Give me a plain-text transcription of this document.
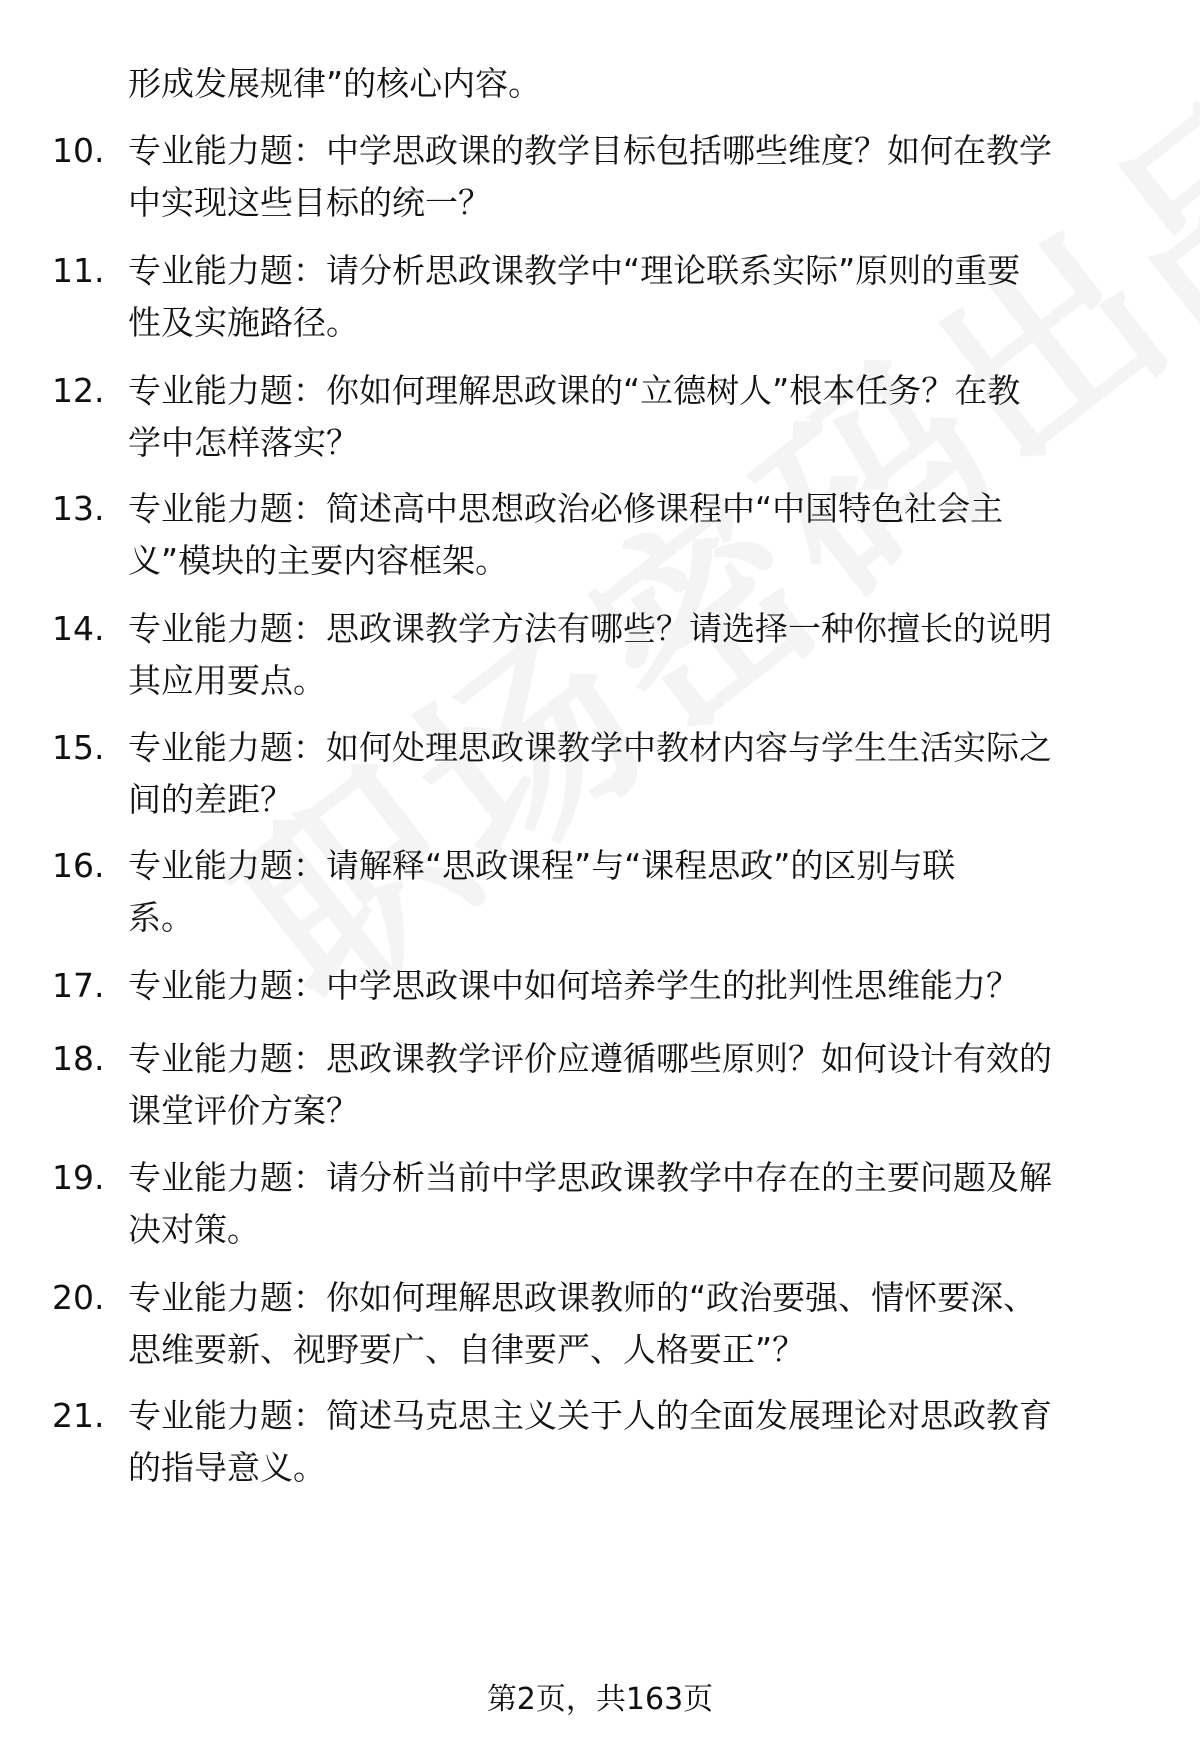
形成发展规律”的核心内容。

10. 专业能力题：中学思政课的教学目标包括哪些维度？如何在教学
中实现这些目标的统一？

11. 专业能力题：请分析思政课教学中“理论联系实际”原则的重要
性及实施路径。

12. 专业能力题：你如何理解思政课的“立德树人”根本任务？在教
学中怎样落实？

13. 专业能力题：简述高中思想政治必修课程中“中国特色社会主
义”模块的主要内容框架。

14. 专业能力题：思政课教学方法有哪些？请选择一种你擅长的说明
其应用要点。

15. 专业能力题：如何处理思政课教学中教材内容与学生生活实际之
间的差距？

16. 专业能力题：请解释“思政课程”与“课程思政”的区别与联
系。

17. 专业能力题：中学思政课中如何培养学生的批判性思维能力？

18. 专业能力题：思政课教学评价应遵循哪些原则？如何设计有效的
课堂评价方案？

19. 专业能力题：请分析当前中学思政课教学中存在的主要问题及解
决对策。

20. 专业能力题：你如何理解思政课教师的“政治要强、情怀要深、
思维要新、视野要广、自律要严、人格要正”？

21. 专业能力题：简述马克思主义关于人的全面发展理论对思政教育
的指导意义。

第2页，共163页
